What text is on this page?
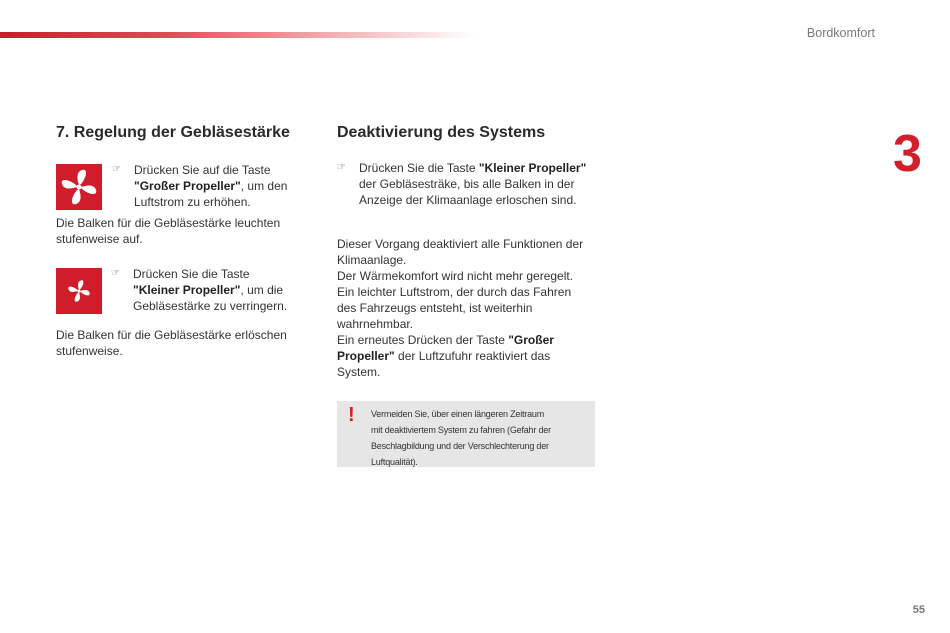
Bordkomfort
3
55
7. Regelung der Gebläsestärke
☞	Drücken Sie auf die Taste
"Großer Propeller", um den
Luftstrom zu erhöhen.
Die Balken für die Gebläsestärke leuchten
stufenweise auf.
☞	Drücken Sie die Taste
"Kleiner Propeller", um die
Gebläsestärke zu verringern.
Die Balken für die Gebläsestärke erlöschen
stufenweise.
Deaktivierung des Systems
☞	Drücken Sie die Taste "Kleiner Propeller"
der Gebläsesträke, bis alle Balken in der
Anzeige der Klimaanlage erloschen sind.
Dieser Vorgang deaktiviert alle Funktionen der
Klimaanlage.
Der Wärmekomfort wird nicht mehr geregelt.
Ein leichter Luftstrom, der durch das Fahren
des Fahrzeugs entsteht, ist weiterhin
wahrnehmbar.
Ein erneutes Drücken der Taste "Großer
Propeller" der Luftzufuhr reaktiviert das
System.
! Vermeiden Sie, über einen längeren Zeitraum
mit deaktiviertem System zu fahren (Gefahr der
Beschlagbildung und der Verschlechterung der Luftqualität).
